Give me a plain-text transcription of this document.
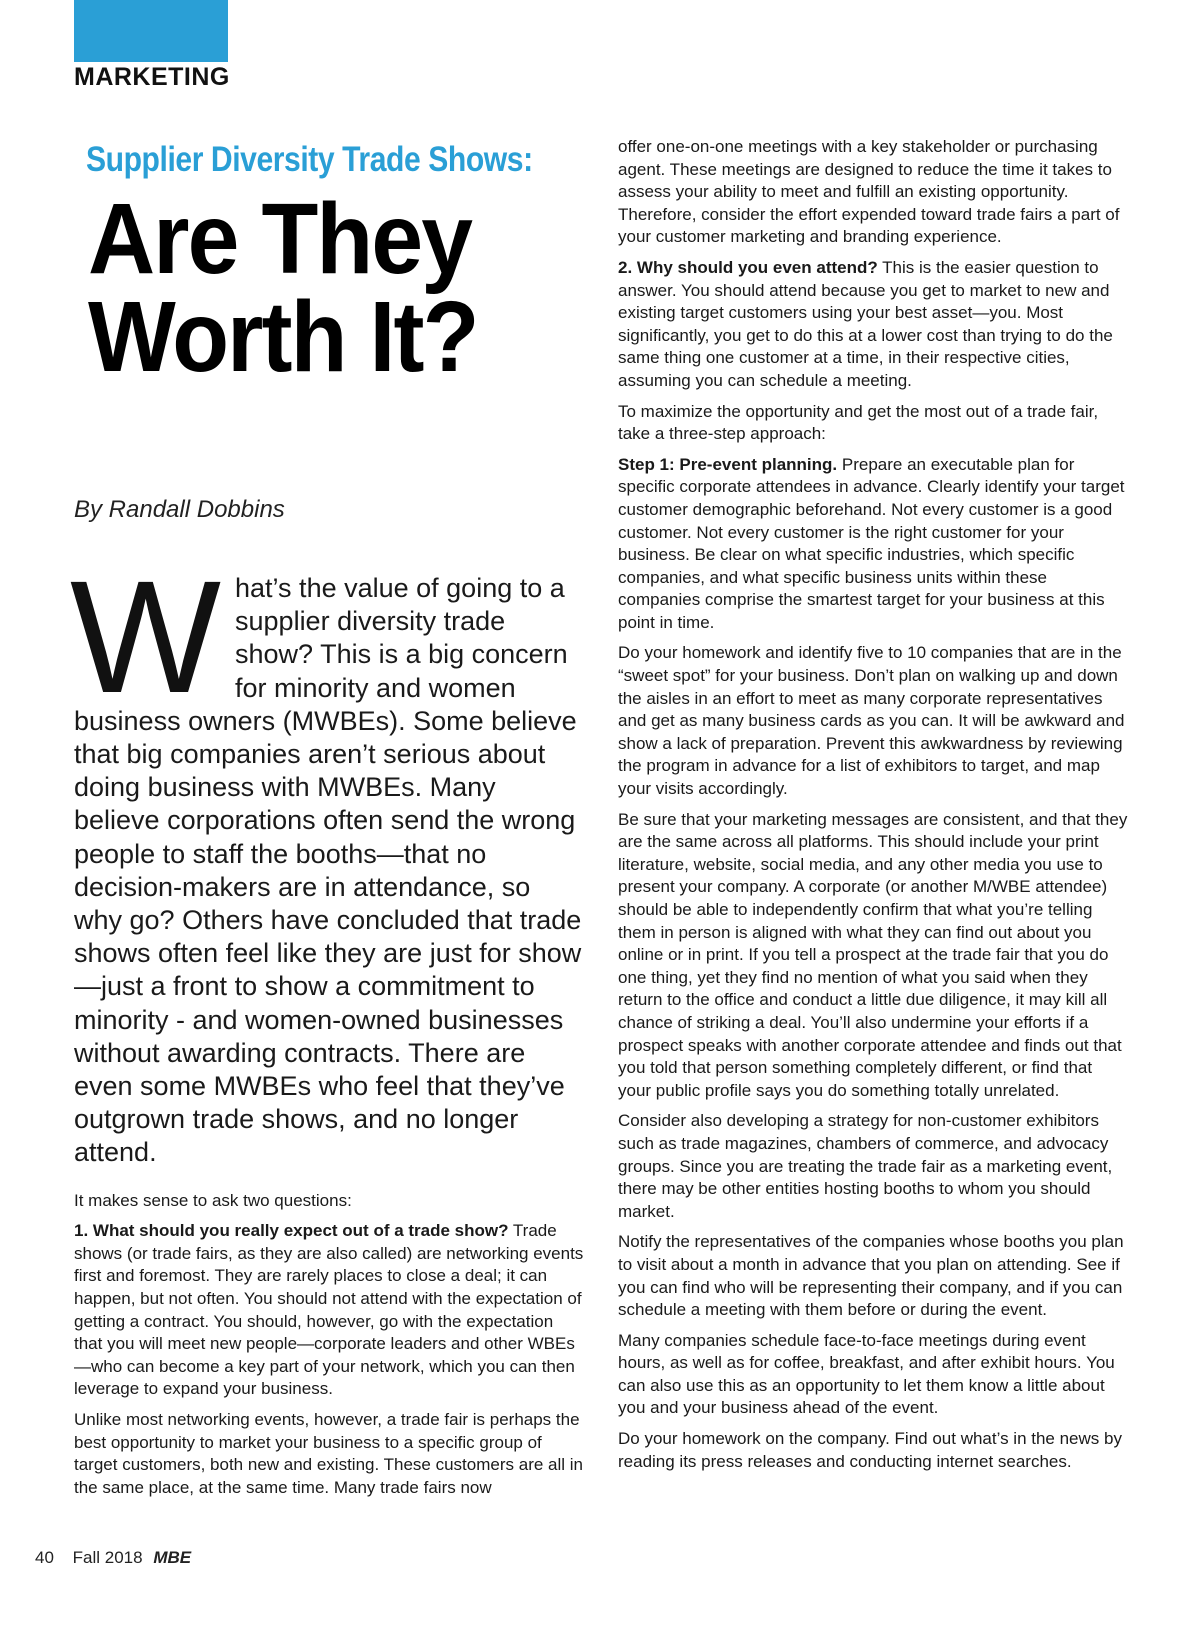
MARKETING
Supplier Diversity Trade Shows:
Are They
Worth It?
By Randall Dobbins
W hat’s the value of going to a supplier diversity trade show? This is a big concern for minority and women business owners (MWBEs). Some believe that big companies aren’t serious about doing business with MWBEs. Many believe corporations often send the wrong people to staff the booths—that no decision-makers are in attendance, so why go? Others have concluded that trade shows often feel like they are just for show—just a front to show a commitment to minority - and women-owned businesses without awarding contracts. There are even some MWBEs who feel that they’ve outgrown trade shows, and no longer attend.

It makes sense to ask two questions:

1. What should you really expect out of a trade show? Trade shows (or trade fairs, as they are also called) are networking events first and foremost. They are rarely places to close a deal; it can happen, but not often. You should not attend with the expectation of getting a contract. You should, however, go with the expectation that you will meet new people—corporate leaders and other WBEs—who can become a key part of your network, which you can then leverage to expand your business.

Unlike most networking events, however, a trade fair is perhaps the best opportunity to market your business to a specific group of target customers, both new and existing. These customers are all in the same place, at the same time. Many trade fairs now

offer one-on-one meetings with a key stakeholder or purchasing agent. These meetings are designed to reduce the time it takes to assess your ability to meet and fulfill an existing opportunity. Therefore, consider the effort expended toward trade fairs a part of your customer marketing and branding experience.

2. Why should you even attend? This is the easier question to answer. You should attend because you get to market to new and existing target customers using your best asset—you. Most significantly, you get to do this at a lower cost than trying to do the same thing one customer at a time, in their respective cities, assuming you can schedule a meeting.

To maximize the opportunity and get the most out of a trade fair, take a three-step approach:

Step 1: Pre-event planning. Prepare an executable plan for specific corporate attendees in advance. Clearly identify your target customer demographic beforehand. Not every customer is a good customer. Not every customer is the right customer for your business. Be clear on what specific industries, which specific companies, and what specific business units within these companies comprise the smartest target for your business at this point in time.

Do your homework and identify five to 10 companies that are in the “sweet spot” for your business. Don’t plan on walking up and down the aisles in an effort to meet as many corporate representatives and get as many business cards as you can. It will be awkward and show a lack of preparation. Prevent this awkwardness by reviewing the program in advance for a list of exhibitors to target, and map your visits accordingly.

Be sure that your marketing messages are consistent, and that they are the same across all platforms. This should include your print literature, website, social media, and any other media you use to present your company. A corporate (or another M/WBE attendee) should be able to independently confirm that what you’re telling them in person is aligned with what they can find out about you online or in print. If you tell a prospect at the trade fair that you do one thing, yet they find no mention of what you said when they return to the office and conduct a little due diligence, it may kill all chance of striking a deal. You’ll also undermine your efforts if a prospect speaks with another corporate attendee and finds out that you told that person something completely different, or find that your public profile says you do something totally unrelated.

Consider also developing a strategy for non-customer exhibitors such as trade magazines, chambers of commerce, and advocacy groups. Since you are treating the trade fair as a marketing event, there may be other entities hosting booths to whom you should market.

Notify the representatives of the companies whose booths you plan to visit about a month in advance that you plan on attending. See if you can find who will be representing their company, and if you can schedule a meeting with them before or during the event.

Many companies schedule face-to-face meetings during event hours, as well as for coffee, breakfast, and after exhibit hours. You can also use this as an opportunity to let them know a little about you and your business ahead of the event.

Do your homework on the company. Find out what’s in the news by reading its press releases and conducting internet searches.

40 Fall 2018 MBE
